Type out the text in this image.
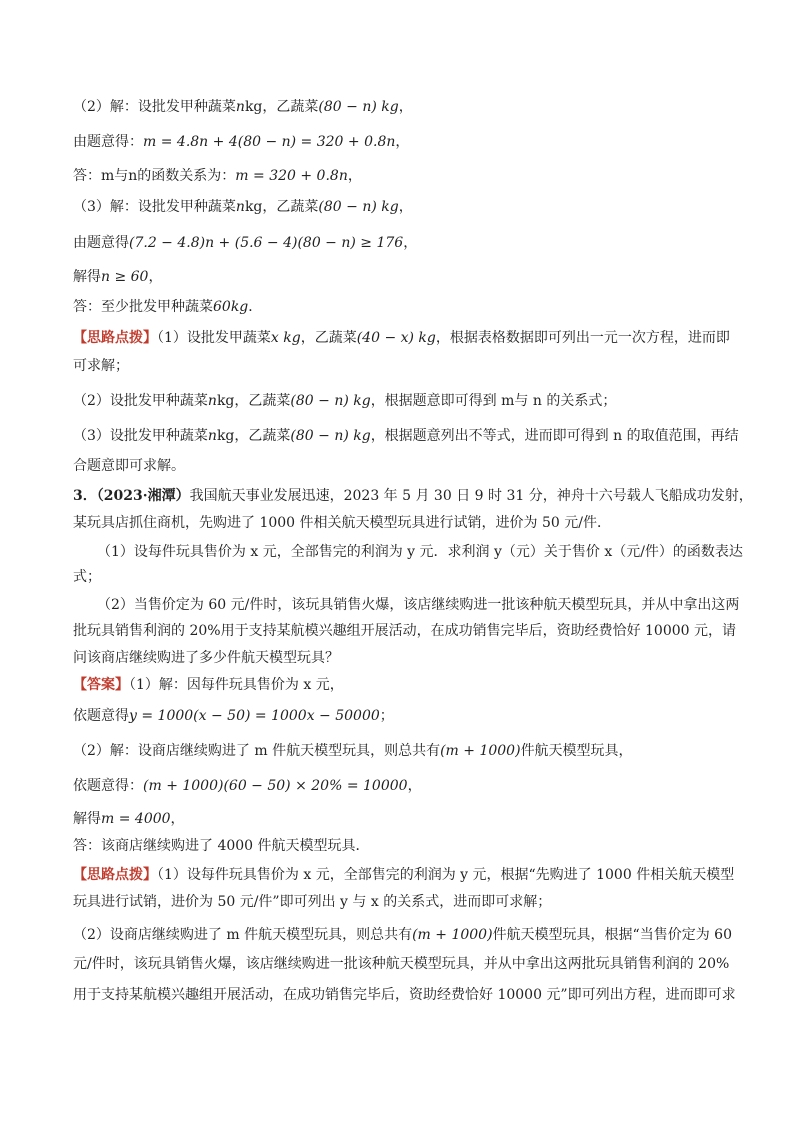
（2）解：设批发甲种蔬菜nkg，乙蔬菜(80 − n) kg，
由题意得：m = 4.8n + 4(80 − n) = 320 + 0.8n，
答：m与n的函数关系为：m = 320 + 0.8n，
（3）解：设批发甲种蔬菜nkg，乙蔬菜(80 − n) kg，
由题意得(7.2 − 4.8)n + (5.6 − 4)(80 − n) ≥ 176，
解得n ≥ 60，
答：至少批发甲种蔬菜60kg．
【思路点拨】（1）设批发甲蔬菜x kg，乙蔬菜(40 − x) kg，根据表格数据即可列出一元一次方程，进而即
可求解；
（2）设批发甲种蔬菜nkg，乙蔬菜(80 − n) kg，根据题意即可得到 m与 n 的关系式；
（3）设批发甲种蔬菜nkg，乙蔬菜(80 − n) kg，根据题意列出不等式，进而即可得到 n 的取值范围，再结
合题意即可求解。
3．（2023·湘潭）我国航天事业发展迅速，2023 年 5 月 30 日 9 时 31 分，神舟十六号载人飞船成功发射，
某玩具店抓住商机，先购进了 1000 件相关航天模型玩具进行试销，进价为 50 元/件．
（1）设每件玩具售价为 x 元，全部售完的利润为 y 元．求利润 y（元）关于售价 x（元/件）的函数表达
式；
（2）当售价定为 60 元/件时，该玩具销售火爆，该店继续购进一批该种航天模型玩具，并从中拿出这两
批玩具销售利润的 20%用于支持某航模兴趣组开展活动，在成功销售完毕后，资助经费恰好 10000 元，请
问该商店继续购进了多少件航天模型玩具？
【答案】（1）解：因每件玩具售价为 x 元，
依题意得y = 1000(x − 50) = 1000x − 50000；
（2）解：设商店继续购进了 m 件航天模型玩具，则总共有(m + 1000)件航天模型玩具，
依题意得：(m + 1000)(60 − 50) × 20% = 10000，
解得m = 4000，
答：该商店继续购进了 4000 件航天模型玩具．
【思路点拨】（1）设每件玩具售价为 x 元，全部售完的利润为 y 元，根据“先购进了 1000 件相关航天模型
玩具进行试销，进价为 50 元/件”即可列出 y 与 x 的关系式，进而即可求解；
（2）设商店继续购进了 m 件航天模型玩具，则总共有(m + 1000)件航天模型玩具，根据“当售价定为 60
元/件时，该玩具销售火爆，该店继续购进一批该种航天模型玩具，并从中拿出这两批玩具销售利润的 20%
用于支持某航模兴趣组开展活动，在成功销售完毕后，资助经费恰好 10000 元”即可列出方程，进而即可求
